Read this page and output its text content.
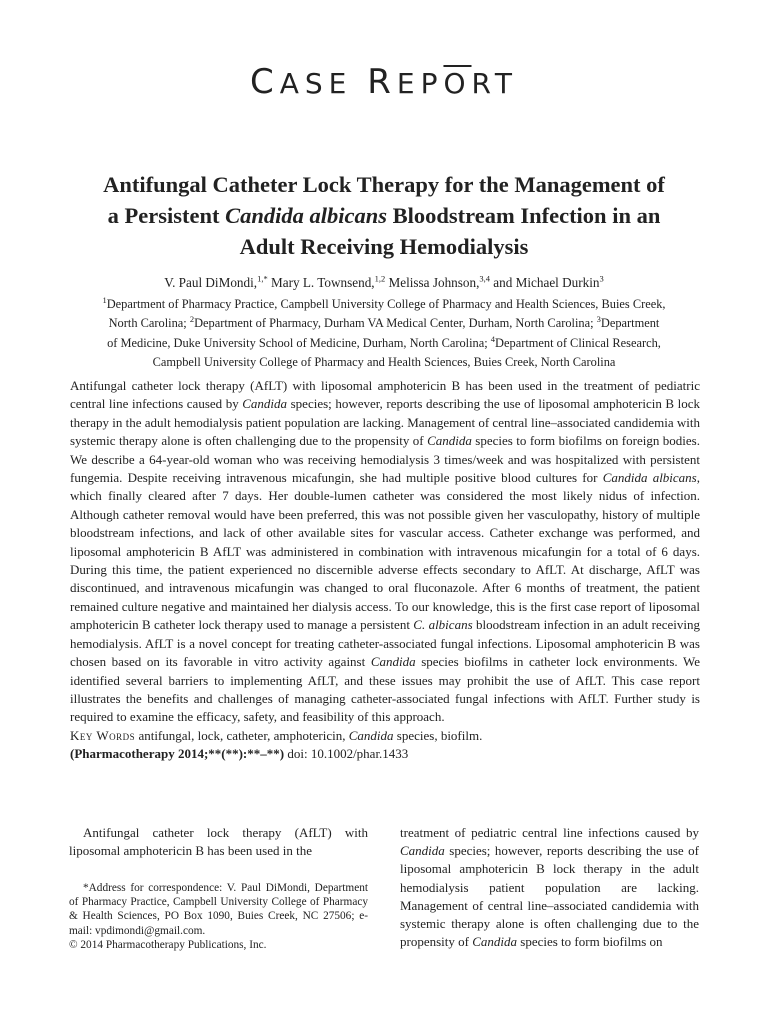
CASE $REP\overline{O}RT$
Antifungal Catheter Lock Therapy for the Management of
a Persistent Candida albicans Bloodstream Infection in an
Adult Receiving Hemodialysis
V. Paul DiMondi,$^{1,*}$ Mary L. Townsend,$^{1,2}$ Melissa Johnson,$^{3,4}$ and Michael Durkin$^3$
$^1$Department of Pharmacy Practice, Campbell University College of Pharmacy and Health Sciences, Buies Creek,
North Carolina; $^2$Department of Pharmacy, Durham VA Medical Center, Durham, North Carolina; $^3$Department
of Medicine, Duke University School of Medicine, Durham, North Carolina; $^4$Department of Clinical Research,
Campbell University College of Pharmacy and Health Sciences, Buies Creek, North Carolina

Antifungal catheter lock therapy (AfLT) with liposomal amphotericin B has been used in the treatment of pediatric central line infections caused by Candida species; however, reports describing the use of liposomal amphotericin B lock therapy in the adult hemodialysis patient population are lacking. Management of central line–associated candidemia with systemic therapy alone is often challenging due to the propensity of Candida species to form biofilms on foreign bodies. We describe a 64-year-old woman who was receiving hemodialysis 3 times/week and was hospitalized with persistent fungemia. Despite receiving intravenous micafungin, she had multiple positive blood cultures for Candida albicans, which finally cleared after 7 days. Her double-lumen catheter was considered the most likely nidus of infection. Although catheter removal would have been preferred, this was not possible given her vasculopathy, history of multiple bloodstream infections, and lack of other available sites for vascular access. Catheter exchange was performed, and liposomal amphotericin B AfLT was administered in combination with intravenous micafungin for a total of 6 days. During this time, the patient experienced no discernible adverse effects secondary to AfLT. At discharge, AfLT was discontinued, and intravenous micafungin was changed to oral fluconazole. After 6 months of treatment, the patient remained culture negative and maintained her dialysis access. To our knowledge, this is the first case report of liposomal amphotericin B catheter lock therapy used to manage a persistent C. albicans bloodstream infection in an adult receiving hemodialysis. AfLT is a novel concept for treating catheter-associated fungal infections. Liposomal amphotericin B was chosen based on its favorable in vitro activity against Candida species biofilms in catheter lock environments. We identified several barriers to implementing AfLT, and these issues may prohibit the use of AfLT. This case report illustrates the benefits and challenges of managing catheter-associated fungal infections with AfLT. Further study is required to examine the efficacy, safety, and feasibility of this approach.

Key Words antifungal, lock, catheter, amphotericin, Candida species, biofilm.

(Pharmacotherapy 2014;**(**):**–**) doi: 10.1002/phar.1433

Antifungal catheter lock therapy (AfLT) with liposomal amphotericin B has been used in the

*Address for correspondence: V. Paul DiMondi, Department of Pharmacy Practice, Campbell University College of Pharmacy & Health Sciences, PO Box 1090, Buies Creek, NC 27506; e-mail: vpdimondi@gmail.com.

© 2014 Pharmacotherapy Publications, Inc.

treatment of pediatric central line infections caused by Candida species; however, reports describing the use of liposomal amphotericin B lock therapy in the adult hemodialysis patient population are lacking. Management of central line–associated candidemia with systemic therapy alone is often challenging due to the propensity of Candida species to form biofilms on
